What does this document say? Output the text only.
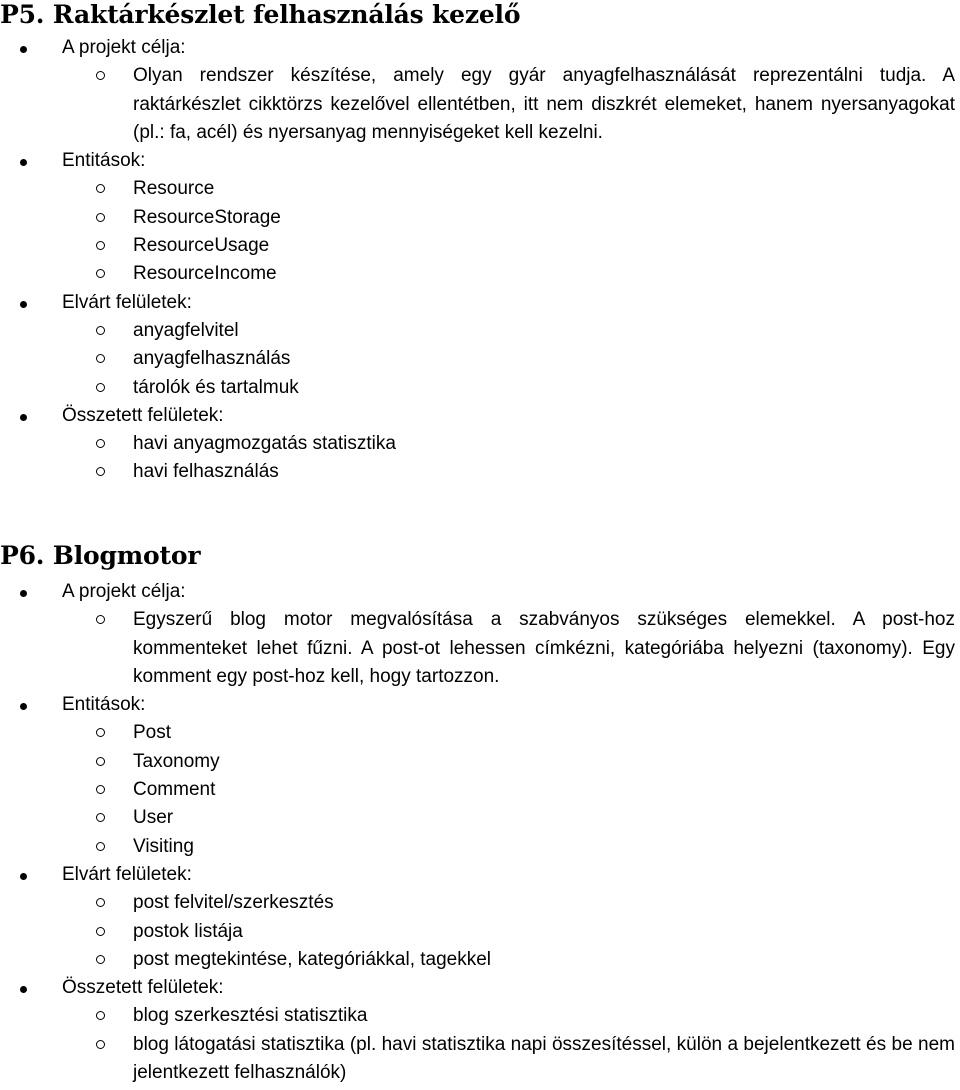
P5. Raktárkészlet felhasználás kezelő
A projekt célja:
Olyan rendszer készítése, amely egy gyár anyagfelhasználását reprezentálni tudja. A raktárkészlet cikktörzs kezelővel ellentétben, itt nem diszkrét elemeket, hanem nyersanyagokat (pl.: fa, acél) és nyersanyag mennyiségeket kell kezelni.
Entitások:
Resource
ResourceStorage
ResourceUsage
ResourceIncome
Elvárt felületek:
anyagfelvitel
anyagfelhasználás
tárolók és tartalmuk
Összetett felületek:
havi anyagmozgatás statisztika
havi felhasználás
P6. Blogmotor
A projekt célja:
Egyszerű blog motor megvalósítása a szabványos szükséges elemekkel. A post-hoz kommenteket lehet fűzni. A post-ot lehessen címkézni, kategóriába helyezni (taxonomy). Egy komment egy post-hoz kell, hogy tartozzon.
Entitások:
Post
Taxonomy
Comment
User
Visiting
Elvárt felületek:
post felvitel/szerkesztés
postok listája
post megtekintése, kategóriákkal, tagekkel
Összetett felületek:
blog szerkesztési statisztika
blog látogatási statisztika (pl. havi statisztika napi összesítéssel, külön a bejelentkezett és be nem jelentkezett felhasználók)
